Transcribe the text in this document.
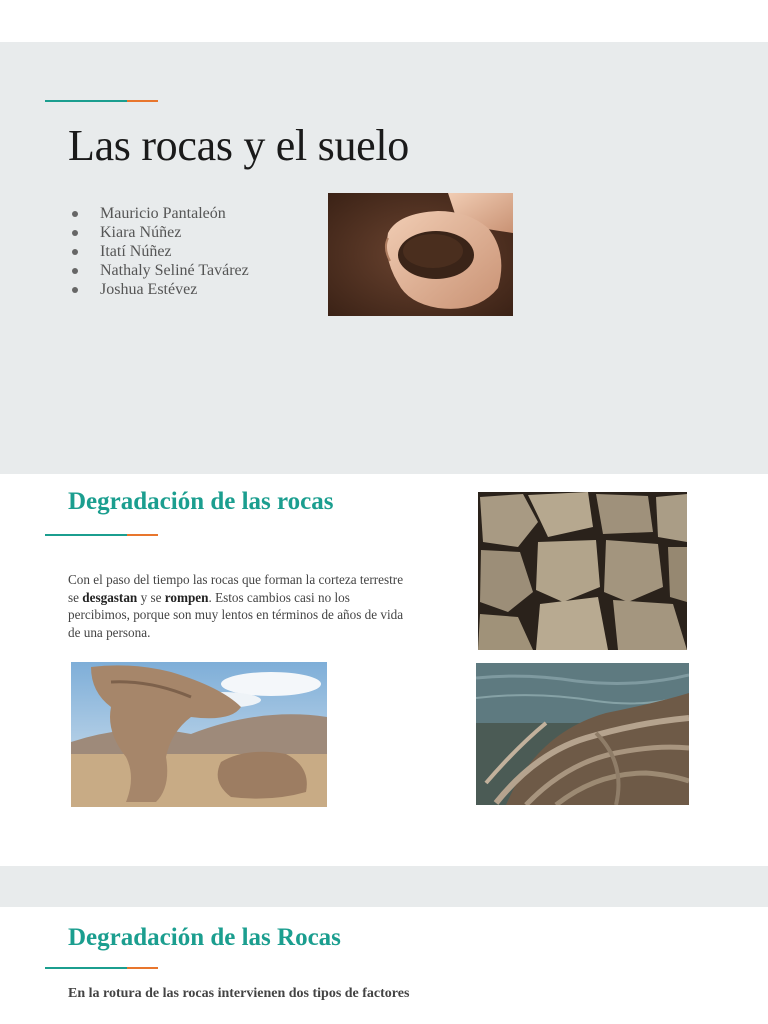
Las rocas y el suelo
Mauricio Pantaleón
Kiara Núñez
Itatí Núñez
Nathaly Seliné Tavárez
Joshua Estévez
Degradación de las rocas

Con el paso del tiempo las rocas que forman la corteza terrestre se desgastan y se rompen. Estos cambios casi no los percibimos, porque son muy lentos en términos de años de vida de una persona.

Degradación de las Rocas

En la rotura de las rocas intervienen dos tipos de factores
